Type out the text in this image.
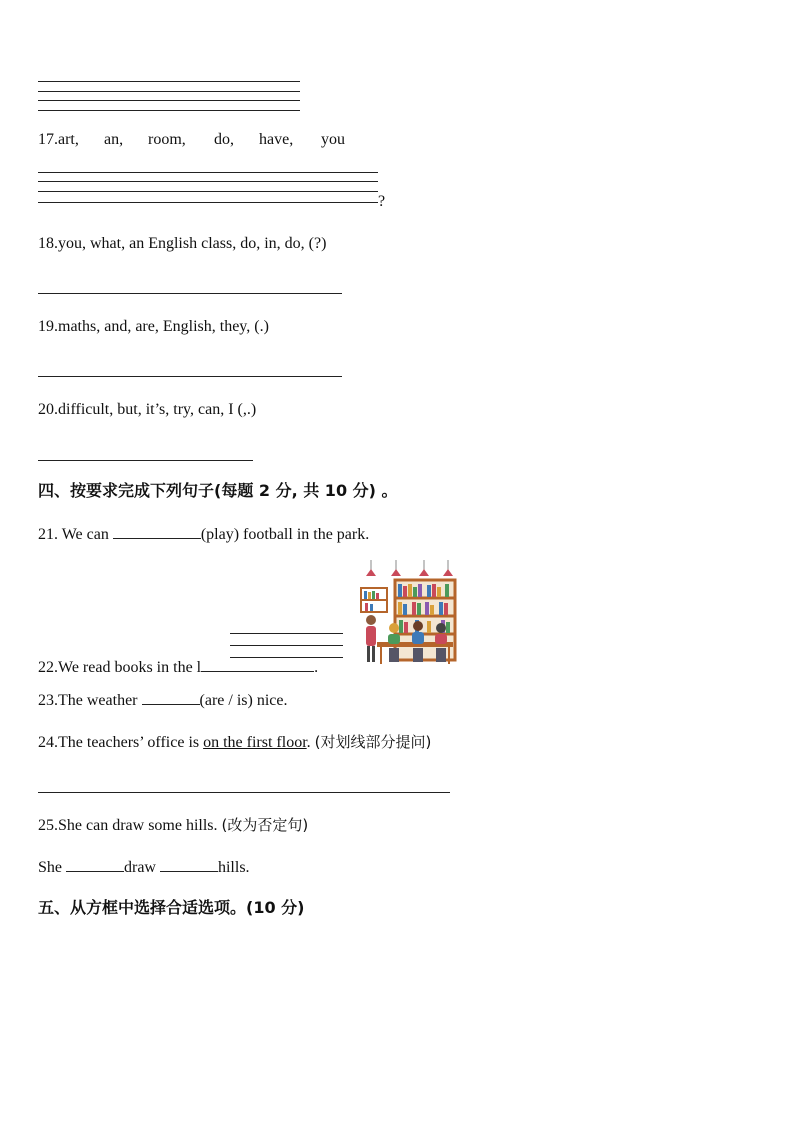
17.art, an, room, do, have, you
?
18.you, what, an English class, do, in, do, (?)
19.maths, and, are, English, they, (.)
20.difficult, but, it’s, try, can, I (,.)
四、按要求完成下列句子(每题 2 分, 共 10 分) 。
21. We can	(play) football in the park.
22.We read books in the l	.
23.The weather	(are / is) nice.
24.The teachers’ office is on the first floor. (对划线部分提问)
25.She can draw some hills. (改为否定句)
She	draw	hills.
五、从方框中选择合适选项。(10 分)
